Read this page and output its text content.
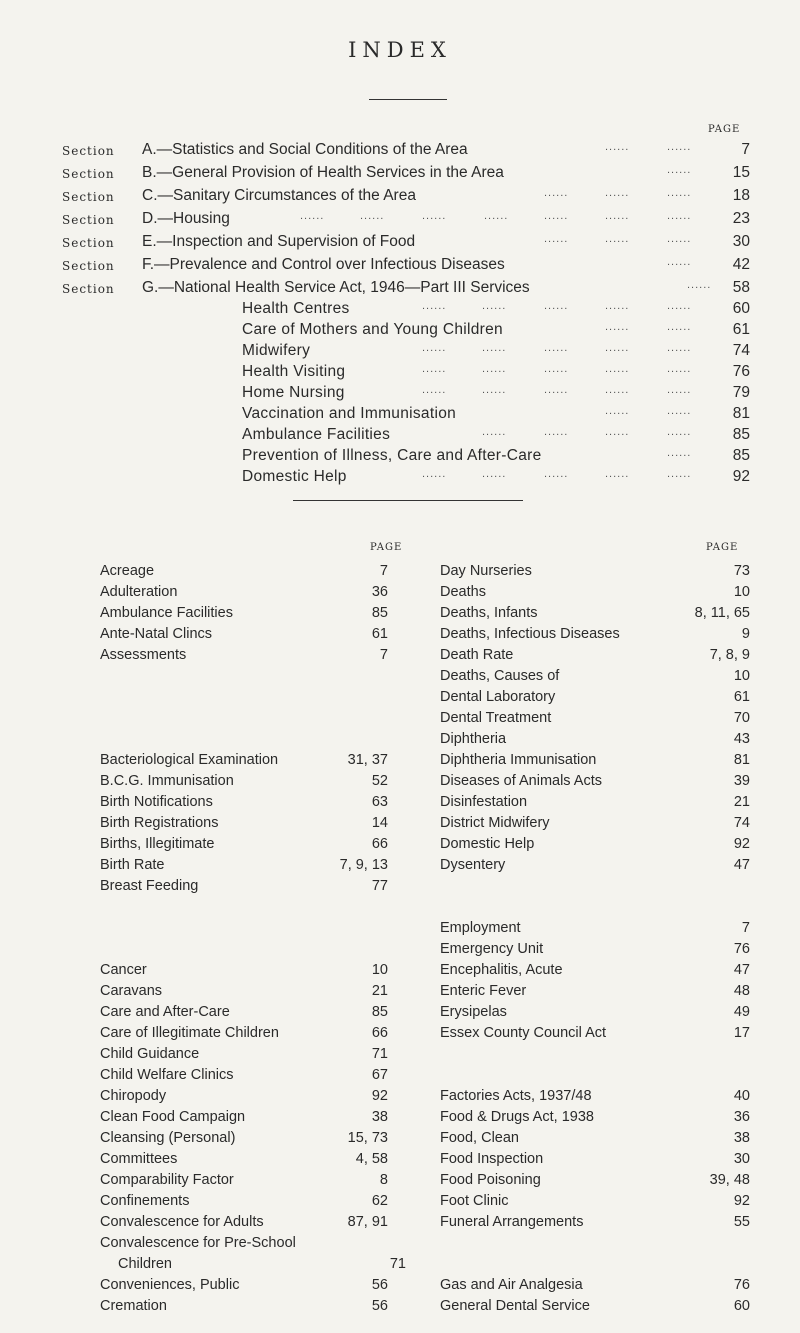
INDEX
PAGE
Section A.—Statistics and Social Conditions of the Area	......	......	7
Section B.—General Provision of Health Services in the Area	......	15
Section C.—Sanitary Circumstances of the Area	......	......	......	18
Section D.—Housing	......	......	......	......	......	......	......	23
Section E.—Inspection and Supervision of Food	......	......	......	30
Section F.—Prevalence and Control over Infectious Diseases	......	42
Section G.—National Health Service Act, 1946—Part III Services	...... 58
Health Centres	......	......	......	......	......	60
Care of Mothers and Young Children	......	......	61
Midwifery	......	......	......	......	......	74
Health Visiting	......	......	......	......	......	76
Home Nursing	......	......	......	......	......	79
Vaccination and Immunisation	......	......	81
Ambulance Facilities	......	......	......	......	85
Prevention of Illness, Care and After-Care	......	85
Domestic Help	......	......	......	......	......	92
PAGE	PAGE
Acreage	7
Adulteration	36
Ambulance Facilities	85
Ante-Natal Clincs	61
Assessments	7
Bacteriological Examination	31, 37
B.C.G. Immunisation	52
Birth Notifications	63
Birth Registrations	14
Births, Illegitimate	66
Birth Rate	7, 9, 13
Breast Feeding	77
Cancer	10
Caravans	21
Care and After-Care	85
Care of Illegitimate Children	66
Child Guidance	71
Child Welfare Clinics	67
Chiropody	92
Clean Food Campaign	38
Cleansing (Personal)	15, 73
Committees	4, 58
Comparability Factor	8
Confinements	62
Convalescence for Adults	87, 91
Convalescence for Pre-School
Children	71
Conveniences, Public	56
Cremation	56
Day Nurseries	73
Deaths	10
Deaths, Infants	8, 11, 65
Deaths, Infectious Diseases	9
Death Rate	7, 8, 9
Deaths, Causes of	10
Dental Laboratory	61
Dental Treatment	70
Diphtheria	43
Diphtheria Immunisation	81
Diseases of Animals Acts	39
Disinfestation	21
District Midwifery	74
Domestic Help	92
Dysentery	47
Employment	7
Emergency Unit	76
Encephalitis, Acute	47
Enteric Fever	48
Erysipelas	49
Essex County Council Act	17
Factories Acts, 1937/48	40
Food & Drugs Act, 1938	36
Food, Clean	38
Food Inspection	30
Food Poisoning	39, 48
Foot Clinic	92
Funeral Arrangements	55
Gas and Air Analgesia	76
General Dental Service	60
